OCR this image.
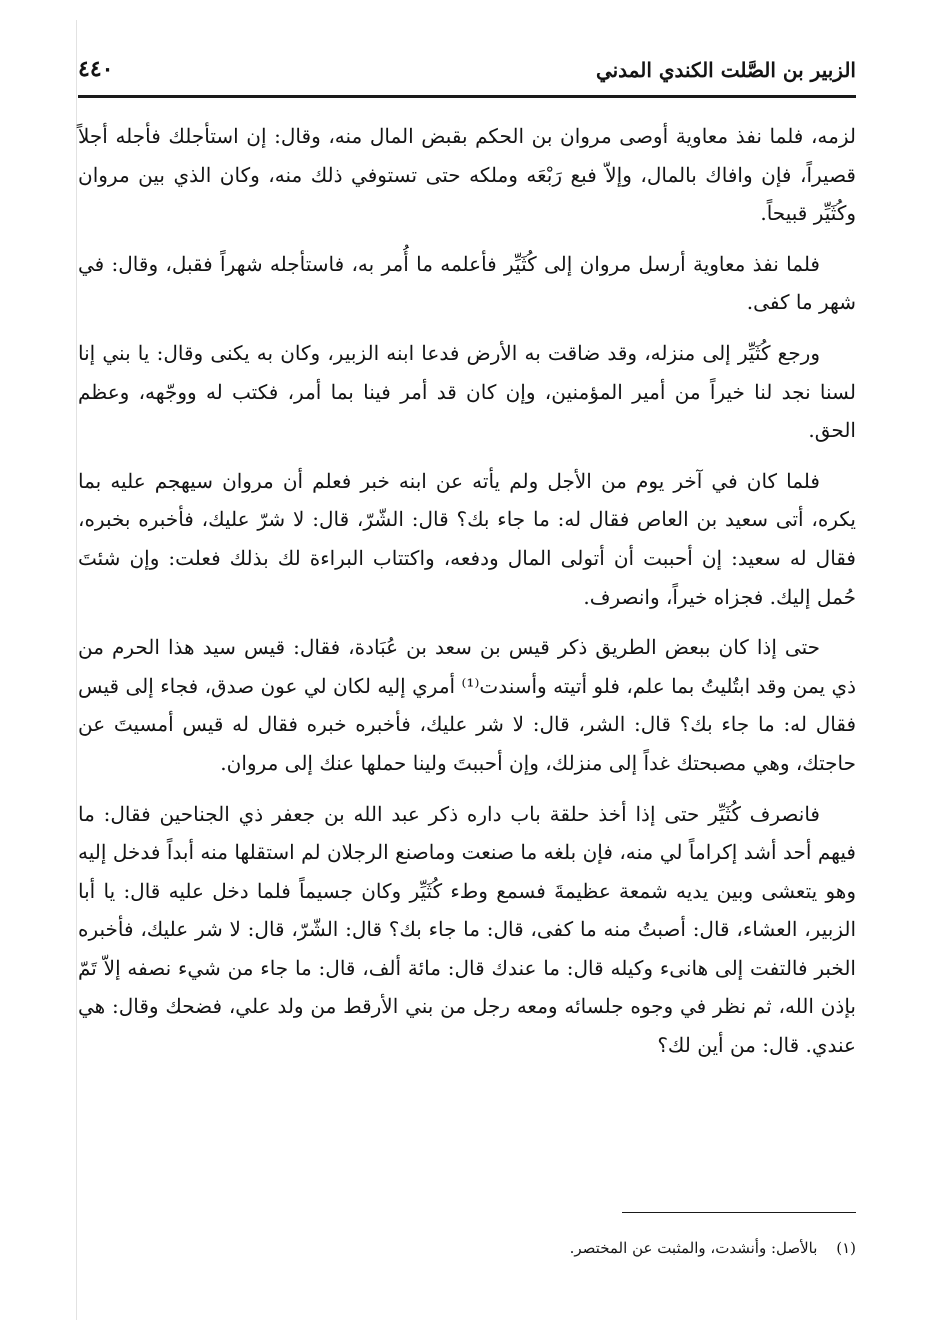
الزبير بن الصَّلت الكندي المدني
٤٤٠

لزمه، فلما نفذ معاوية أوصى مروان بن الحكم بقبض المال منه، وقال: إن استأجلك فأجله أجلاً قصيراً، فإن وافاك بالمال، وإلاّ فبع رَبْعَه وملكه حتى تستوفي ذلك منه، وكان الذي بين مروان وكُثَيِّر قبيحاً.

فلما نفذ معاوية أرسل مروان إلى كُثَيِّر فأعلمه ما أُمر به، فاستأجله شهراً فقبل، وقال: في شهر ما كفى.

ورجع كُثَيِّر إلى منزله، وقد ضاقت به الأرض فدعا ابنه الزبير، وكان به يكنى وقال: يا بني إنا لسنا نجد لنا خيراً من أمير المؤمنين، وإن كان قد أمر فينا بما أمر، فكتب له ووجّهه، وعظم الحق.

فلما كان في آخر يوم من الأجل ولم يأته عن ابنه خبر فعلم أن مروان سيهجم عليه بما يكره، أتى سعيد بن العاص فقال له: ما جاء بك؟ قال: الشّرّ، قال: لا شرّ عليك، فأخبره بخبره، فقال له سعيد: إن أحببت أن أتولى المال ودفعه، واكتتاب البراءة لك بذلك فعلت: وإن شئتَ حُمل إليك. فجزاه خيراً، وانصرف.

حتى إذا كان ببعض الطريق ذكر قيس بن سعد بن عُبَادة، فقال: قيس سيد هذا الحرم من ذي يمن وقد ابتُليتُ بما علم، فلو أتيته وأسندت⁽¹⁾ أمري إليه لكان لي عون صدق، فجاء إلى قيس فقال له: ما جاء بك؟ قال: الشر، قال: لا شر عليك، فأخبره خبره فقال له قيس أمسيتَ عن حاجتك، وهي مصبحتك غداً إلى منزلك، وإن أحببتَ ولينا حملها عنك إلى مروان.

فانصرف كُثَيِّر حتى إذا أخذ حلقة باب داره ذكر عبد الله بن جعفر ذي الجناحين فقال: ما فيهم أحد أشد إكراماً لي منه، فإن بلغه ما صنعت وماصنع الرجلان لم استقلها منه أبداً فدخل إليه وهو يتعشى وبين يديه شمعة عظيمةَ فسمع وطء كُثَيِّر وكان جسيماً فلما دخل عليه قال: يا أبا الزبير، العشاء، قال: أصبتُ منه ما كفى، قال: ما جاء بك؟ قال: الشّرّ، قال: لا شر عليك، فأخبره الخبر فالتفت إلى هانىء وكيله قال: ما عندك قال: مائة ألف، قال: ما جاء من شيء نصفه إلاّ تَمّ بإذن الله، ثم نظر في وجوه جلسائه ومعه رجل من بني الأرقط من ولد علي، فضحك وقال: هي عندي. قال: من أين لك؟

(١) بالأصل: وأنشدت، والمثبت عن المختصر.
